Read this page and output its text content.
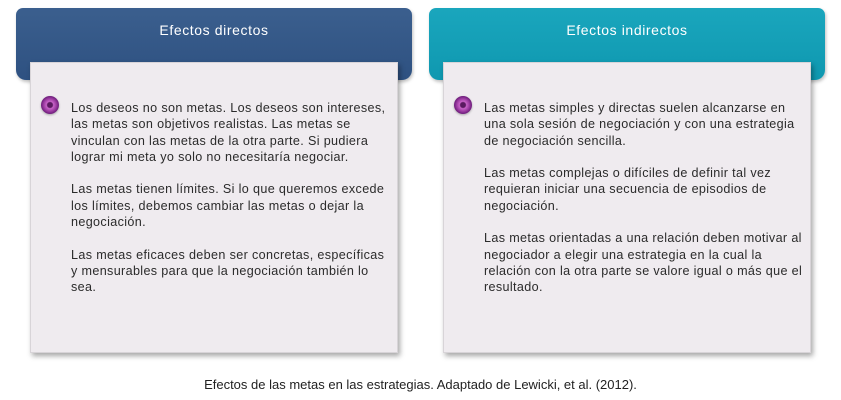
Efectos directos

Los deseos no son metas. Los deseos son intereses, las metas son objetivos realistas. Las metas se vinculan con las metas de la otra parte. Si pudiera lograr mi meta yo solo no necesitaría negociar.

Las metas tienen límites. Si lo que queremos excede los límites, debemos cambiar las metas o dejar la negociación.

Las metas eficaces deben ser concretas, específicas y mensurables para que la negociación también lo sea.

Efectos indirectos

Las metas simples y directas suelen alcanzarse en una sola sesión de negociación y con una estrategia de negociación sencilla.

Las metas complejas o difíciles de definir tal vez requieran iniciar una secuencia de episodios de negociación.

Las metas orientadas a una relación deben motivar al negociador a elegir una estrategia en la cual la relación con la otra parte se valore igual o más que el resultado.

Efectos de las metas en las estrategias. Adaptado de Lewicki, et al. (2012).
